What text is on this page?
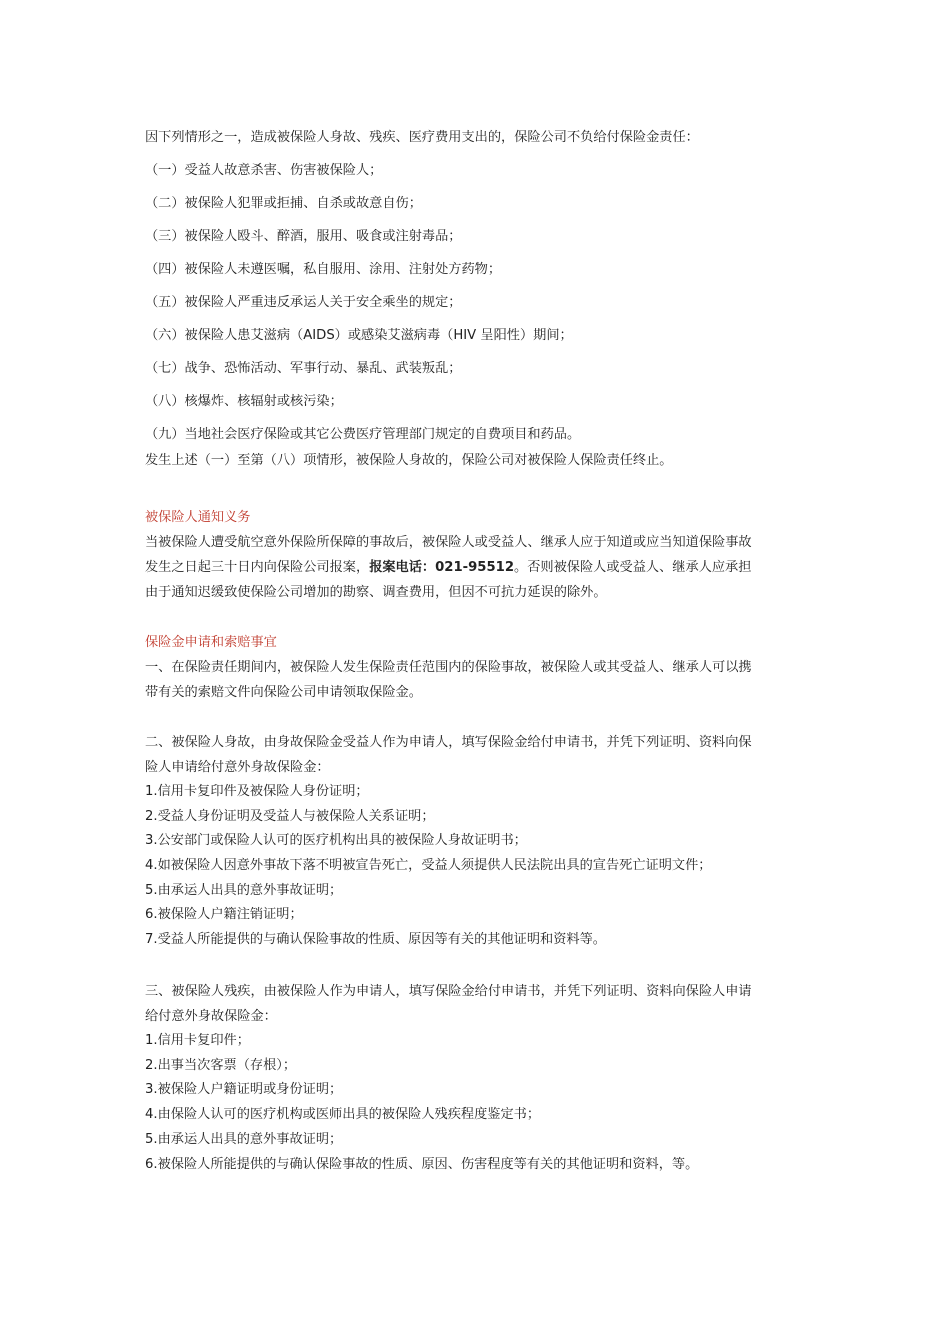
因下列情形之一，造成被保险人身故、残疾、医疗费用支出的，保险公司不负给付保险金责任：
（一）受益人故意杀害、伤害被保险人；
（二）被保险人犯罪或拒捕、自杀或故意自伤；
（三）被保险人殴斗、醉酒，服用、吸食或注射毒品；
（四）被保险人未遵医嘱，私自服用、涂用、注射处方药物；
（五）被保险人严重违反承运人关于安全乘坐的规定；
（六）被保险人患艾滋病（AIDS）或感染艾滋病毒（HIV 呈阳性）期间；
（七）战争、恐怖活动、军事行动、暴乱、武装叛乱；
（八）核爆炸、核辐射或核污染；
（九）当地社会医疗保险或其它公费医疗管理部门规定的自费项目和药品。
发生上述（一）至第（八）项情形，被保险人身故的，保险公司对被保险人保险责任终止。
被保险人通知义务
当被保险人遭受航空意外保险所保障的事故后，被保险人或受益人、继承人应于知道或应当知道保险事故
发生之日起三十日内向保险公司报案，报案电话：021-95512。否则被保险人或受益人、继承人应承担
由于通知迟缓致使保险公司增加的勘察、调查费用，但因不可抗力延误的除外。
保险金申请和索赔事宜
一、在保险责任期间内，被保险人发生保险责任范围内的保险事故，被保险人或其受益人、继承人可以携
带有关的索赔文件向保险公司申请领取保险金。
二、被保险人身故，由身故保险金受益人作为申请人，填写保险金给付申请书，并凭下列证明、资料向保
险人申请给付意外身故保险金：
1.信用卡复印件及被保险人身份证明；
2.受益人身份证明及受益人与被保险人关系证明；
3.公安部门或保险人认可的医疗机构出具的被保险人身故证明书；
4.如被保险人因意外事故下落不明被宣告死亡，受益人须提供人民法院出具的宣告死亡证明文件；
5.由承运人出具的意外事故证明；
6.被保险人户籍注销证明；
7.受益人所能提供的与确认保险事故的性质、原因等有关的其他证明和资料等。
三、被保险人残疾，由被保险人作为申请人，填写保险金给付申请书，并凭下列证明、资料向保险人申请
给付意外身故保险金：
1.信用卡复印件；
2.出事当次客票（存根）；
3.被保险人户籍证明或身份证明；
4.由保险人认可的医疗机构或医师出具的被保险人残疾程度鉴定书；
5.由承运人出具的意外事故证明；
6.被保险人所能提供的与确认保险事故的性质、原因、伤害程度等有关的其他证明和资料，等。
